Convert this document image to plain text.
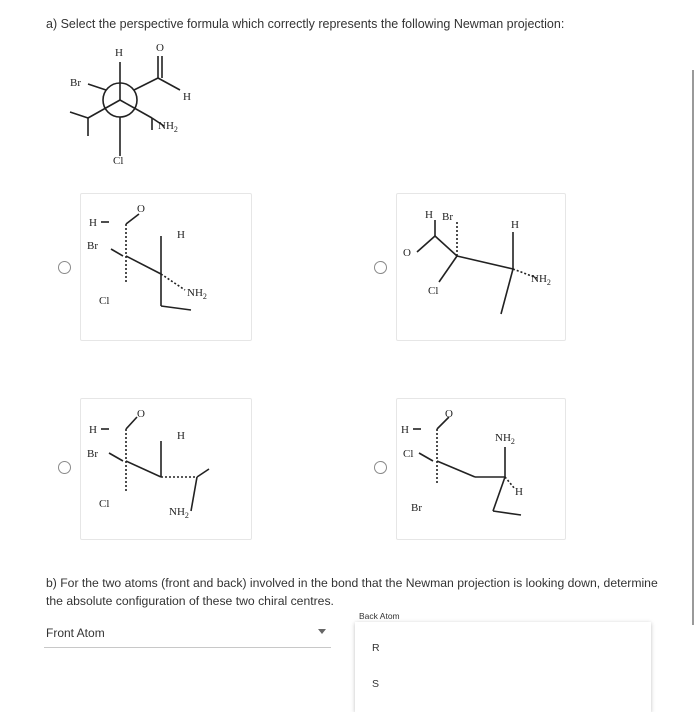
a) Select the perspective formula which correctly represents the following Newman projection:
H	O
Br
H
$NH_2$
Cl
H
Br
O
Cl
H
$NH_2$
H Br
O
Cl
H
$NH_2$
H
Br
O
Cl
H
$NH_2$
H
Cl
O
Br
$NH_2$
H
b) For the two atoms (front and back) involved in the bond that the Newman projection is looking down, determine the absolute configuration of these two chiral centres.
Front Atom
Back Atom
R
S
